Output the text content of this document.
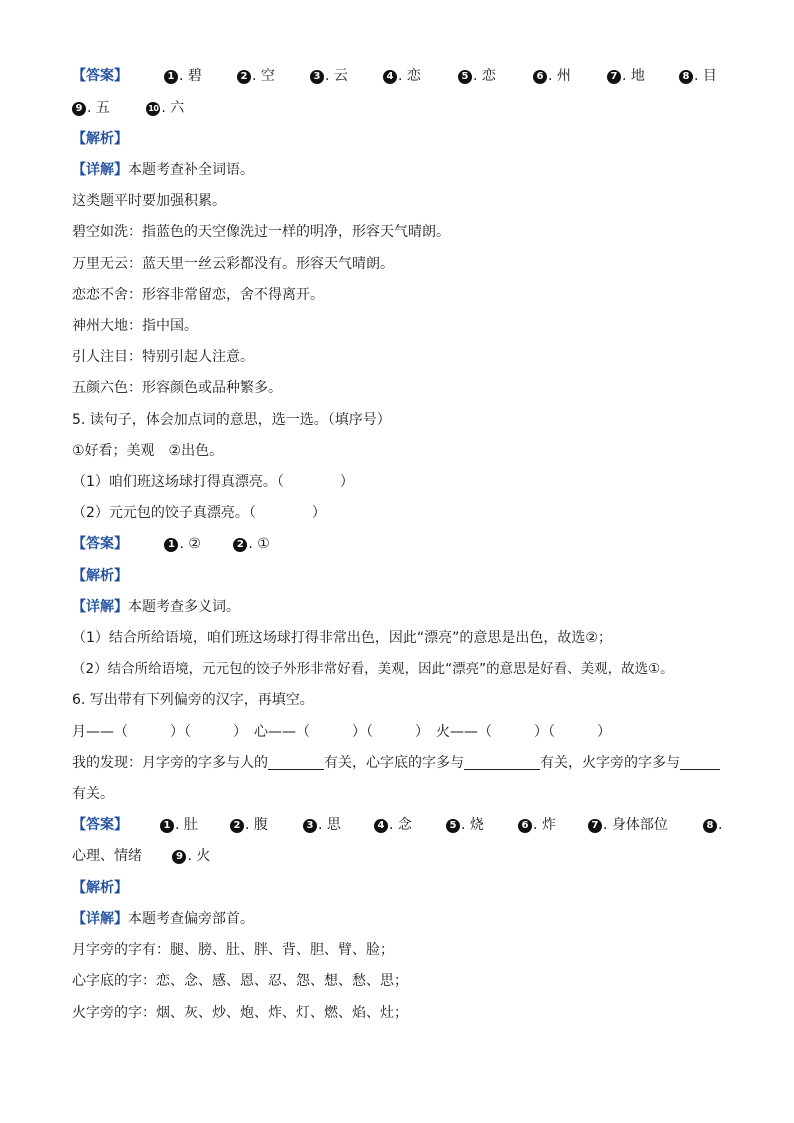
【答案】	1 . 碧	2 . 空	3 . 云	4 . 恋	5 . 恋	6 . 州	7 . 地	8 . 目
9 . 五	10 . 六
【解析】
【详解】本题考查补全词语。
这类题平时要加强积累。
碧空如洗：指蓝色的天空像洗过一样的明净，形容天气晴朗。
万里无云：蓝天里一丝云彩都没有。形容天气晴朗。
恋恋不舍：形容非常留恋，舍不得离开。
神州大地：指中国。
引人注目：特别引起人注意。
五颜六色：形容颜色或品种繁多。
5. 读句子，体会加点词的意思，选一选。（填序号）
①好看；美观　②出色。
（1）咱们班这场球打得真漂亮。（　　　　）
（2）元元包的饺子真漂亮。（　　　　）
【答案】	1 . ②	2 . ①
【解析】
【详解】本题考查多义词。
（1）结合所给语境，咱们班这场球打得非常出色，因此“漂亮”的意思是出色，故选②；
（2）结合所给语境，元元包的饺子外形非常好看，美观，因此“漂亮”的意思是好看、美观，故选①。
6. 写出带有下列偏旁的汉字，再填空。
月——（　　　）（　　　）　心——（　　　）（　　　）　火——（　　　）（　　　）
我的发现：月字旁的字多与人的	有关，心字底的字多与	有关，火字旁的字多与
有关。
【答案】	1 . 肚	2 . 腹	3 . 思	4 . 念	5 . 烧	6 . 炸	7 . 身体部位	8 .
心理、情绪	9 . 火
【解析】
【详解】本题考查偏旁部首。
月字旁的字有：腿、膀、肚、胖、背、胆、臂、脸；
心字底的字：恋、念、感、恩、忍、怨、想、愁、思；
火字旁的字：烟、灰、炒、炮、炸、灯、燃、焰、灶；
